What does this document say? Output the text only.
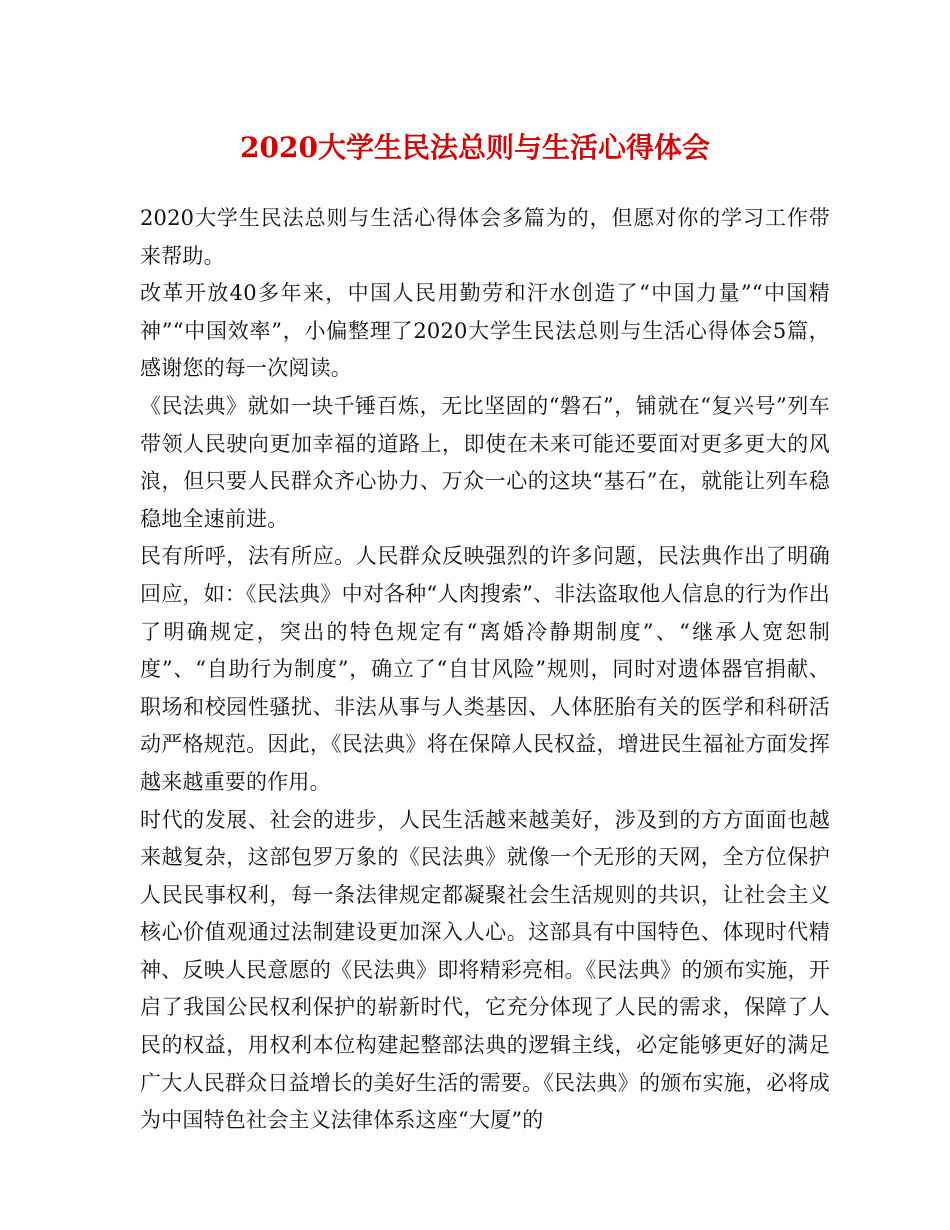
2020大学生民法总则与生活心得体会

2020大学生民法总则与生活心得体会多篇为的，但愿对你的学习工作带来帮助。

改革开放40多年来，中国人民用勤劳和汗水创造了“中国力量”“中国精神”“中国效率”，小偏整理了2020大学生民法总则与生活心得体会5篇，感谢您的每一次阅读。

《民法典》就如一块千锤百炼，无比坚固的“磐石”，铺就在“复兴号”列车带领人民驶向更加幸福的道路上，即使在未来可能还要面对更多更大的风浪，但只要人民群众齐心协力、万众一心的这块“基石”在，就能让列车稳稳地全速前进。

民有所呼，法有所应。人民群众反映强烈的许多问题，民法典作出了明确回应，如：《民法典》中对各种“人肉搜索”、非法盗取他人信息的行为作出了明确规定，突出的特色规定有“离婚冷静期制度”、“继承人宽恕制度”、“自助行为制度”，确立了“自甘风险”规则，同时对遗体器官捐献、职场和校园性骚扰、非法从事与人类基因、人体胚胎有关的医学和科研活动严格规范。因此，《民法典》将在保障人民权益，增进民生福祉方面发挥越来越重要的作用。

时代的发展、社会的进步，人民生活越来越美好，涉及到的方方面面也越来越复杂，这部包罗万象的《民法典》就像一个无形的天网，全方位保护人民民事权利，每一条法律规定都凝聚社会生活规则的共识，让社会主义核心价值观通过法制建设更加深入人心。这部具有中国特色、体现时代精神、反映人民意愿的《民法典》即将精彩亮相。《民法典》的颁布实施，开启了我国公民权利保护的崭新时代，它充分体现了人民的需求，保障了人民的权益，用权利本位构建起整部法典的逻辑主线，必定能够更好的满足广大人民群众日益增长的美好生活的需要。《民法典》的颁布实施，必将成为中国特色社会主义法律体系这座“大厦”的
